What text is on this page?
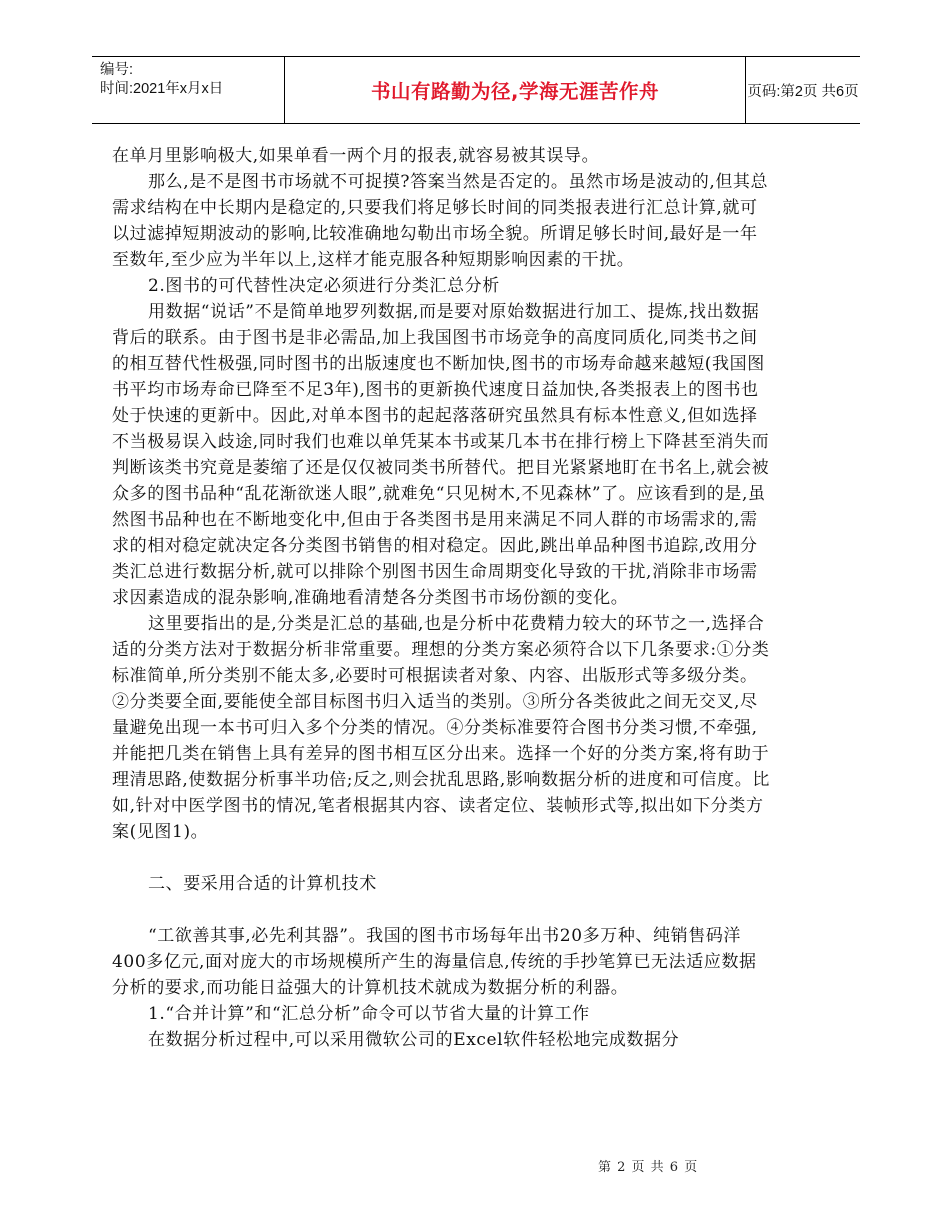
编号:
时间:2021年x月x日	书山有路勤为径,学海无涯苦作舟	页码:第2页 共6页

在单月里影响极大,如果单看一两个月的报表,就容易被其误导。

那么,是不是图书市场就不可捉摸?答案当然是否定的。虽然市场是波动的,但其总需求结构在中长期内是稳定的,只要我们将足够长时间的同类报表进行汇总计算,就可以过滤掉短期波动的影响,比较准确地勾勒出市场全貌。所谓足够长时间,最好是一年至数年,至少应为半年以上,这样才能克服各种短期影响因素的干扰。

2.图书的可代替性决定必须进行分类汇总分析

用数据“说话”不是简单地罗列数据,而是要对原始数据进行加工、提炼,找出数据背后的联系。由于图书是非必需品,加上我国图书市场竞争的高度同质化,同类书之间的相互替代性极强,同时图书的出版速度也不断加快,图书的市场寿命越来越短(我国图书平均市场寿命已降至不足3年),图书的更新换代速度日益加快,各类报表上的图书也处于快速的更新中。因此,对单本图书的起起落落研究虽然具有标本性意义,但如选择不当极易误入歧途,同时我们也难以单凭某本书或某几本书在排行榜上下降甚至消失而判断该类书究竟是萎缩了还是仅仅被同类书所替代。把目光紧紧地盯在书名上,就会被众多的图书品种“乱花渐欲迷人眼”,就难免“只见树木,不见森林”了。应该看到的是,虽然图书品种也在不断地变化中,但由于各类图书是用来满足不同人群的市场需求的,需求的相对稳定就决定各分类图书销售的相对稳定。因此,跳出单品种图书追踪,改用分类汇总进行数据分析,就可以排除个别图书因生命周期变化导致的干扰,消除非市场需求因素造成的混杂影响,准确地看清楚各分类图书市场份额的变化。

这里要指出的是,分类是汇总的基础,也是分析中花费精力较大的环节之一,选择合适的分类方法对于数据分析非常重要。理想的分类方案必须符合以下几条要求:①分类标准简单,所分类别不能太多,必要时可根据读者对象、内容、出版形式等多级分类。②分类要全面,要能使全部目标图书归入适当的类别。③所分各类彼此之间无交叉,尽量避免出现一本书可归入多个分类的情况。④分类标准要符合图书分类习惯,不牵强,并能把几类在销售上具有差异的图书相互区分出来。选择一个好的分类方案,将有助于理清思路,使数据分析事半功倍;反之,则会扰乱思路,影响数据分析的进度和可信度。比如,针对中医学图书的情况,笔者根据其内容、读者定位、装帧形式等,拟出如下分类方案(见图1)。

二、要采用合适的计算机技术

“工欲善其事,必先利其器”。我国的图书市场每年出书20多万种、纯销售码洋400多亿元,面对庞大的市场规模所产生的海量信息,传统的手抄笔算已无法适应数据分析的要求,而功能日益强大的计算机技术就成为数据分析的利器。

1.“合并计算”和“汇总分析”命令可以节省大量的计算工作

在数据分析过程中,可以采用微软公司的Excel软件轻松地完成数据分

第 2 页 共 6 页
